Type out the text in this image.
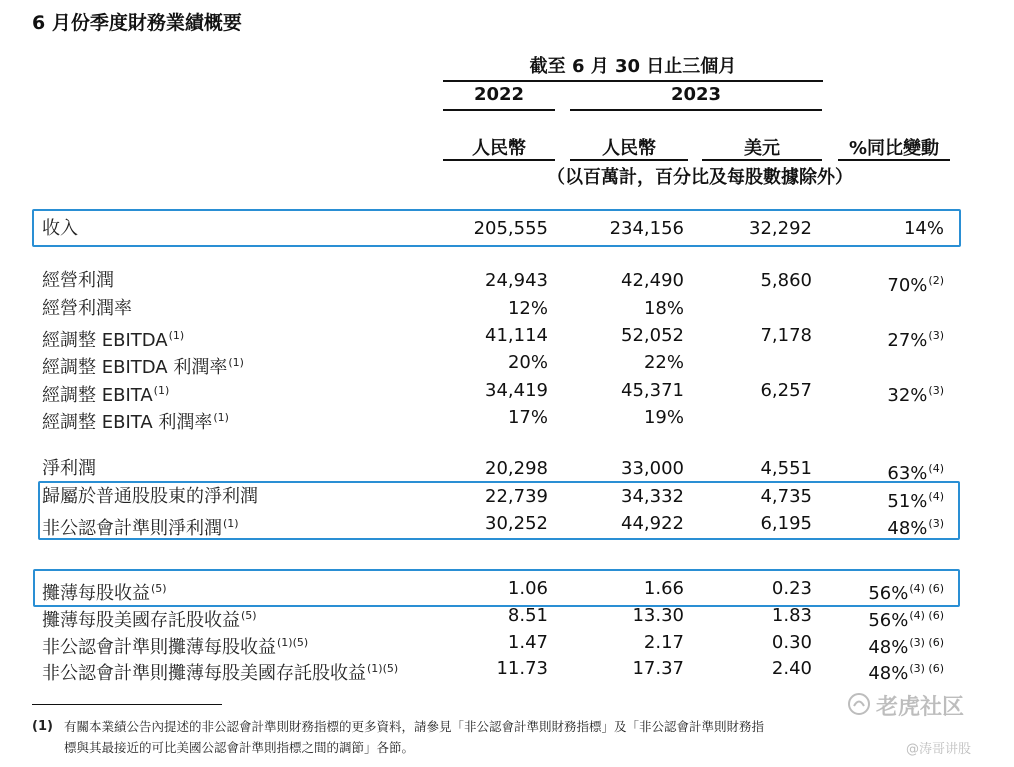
6 月份季度財務業績概要
截至 6 月 30 日止三個月
2022	2023
人民幣	人民幣	美元	%同比變動
（以百萬計，百分比及每股數據除外）
收入	205,555	234,156	32,292	14%
經營利潤	24,943	42,490	5,860	70%$^{(2)}$
經營利潤率	12%	18%
經調整 EBITDA$^{(1)}$	41,114	52,052	7,178	27%$^{(3)}$
經調整 EBITDA 利潤率$^{(1)}$	20%	22%
經調整 EBITA$^{(1)}$	34,419	45,371	6,257	32%$^{(3)}$
經調整 EBITA 利潤率$^{(1)}$	17%	19%
淨利潤	20,298	33,000	4,551	63%$^{(4)}$
歸屬於普通股股東的淨利潤	22,739	34,332	4,735	51%$^{(4)}$
非公認會計準則淨利潤$^{(1)}$	30,252	44,922	6,195	48%$^{(3)}$
攤薄每股收益$^{(5)}$	1.06	1.66	0.23	56%$^{(4) (6)}$
攤薄每股美國存託股收益$^{(5)}$	8.51	13.30	1.83	56%$^{(4) (6)}$
非公認會計準則攤薄每股收益$^{(1)(5)}$	1.47	2.17	0.30	48%$^{(3) (6)}$
非公認會計準則攤薄每股美國存託股收益$^{(1)(5)}$	11.73	17.37	2.40	48%$^{(3) (6)}$
(1) 有關本業績公告內提述的非公認會計準則財務指標的更多資料，請參見「非公認會計準則財務指標」及「非公認會計準則財務指
標與其最接近的可比美國公認會計準則指標之間的調節」各節。
老虎社区
@涛哥讲股
